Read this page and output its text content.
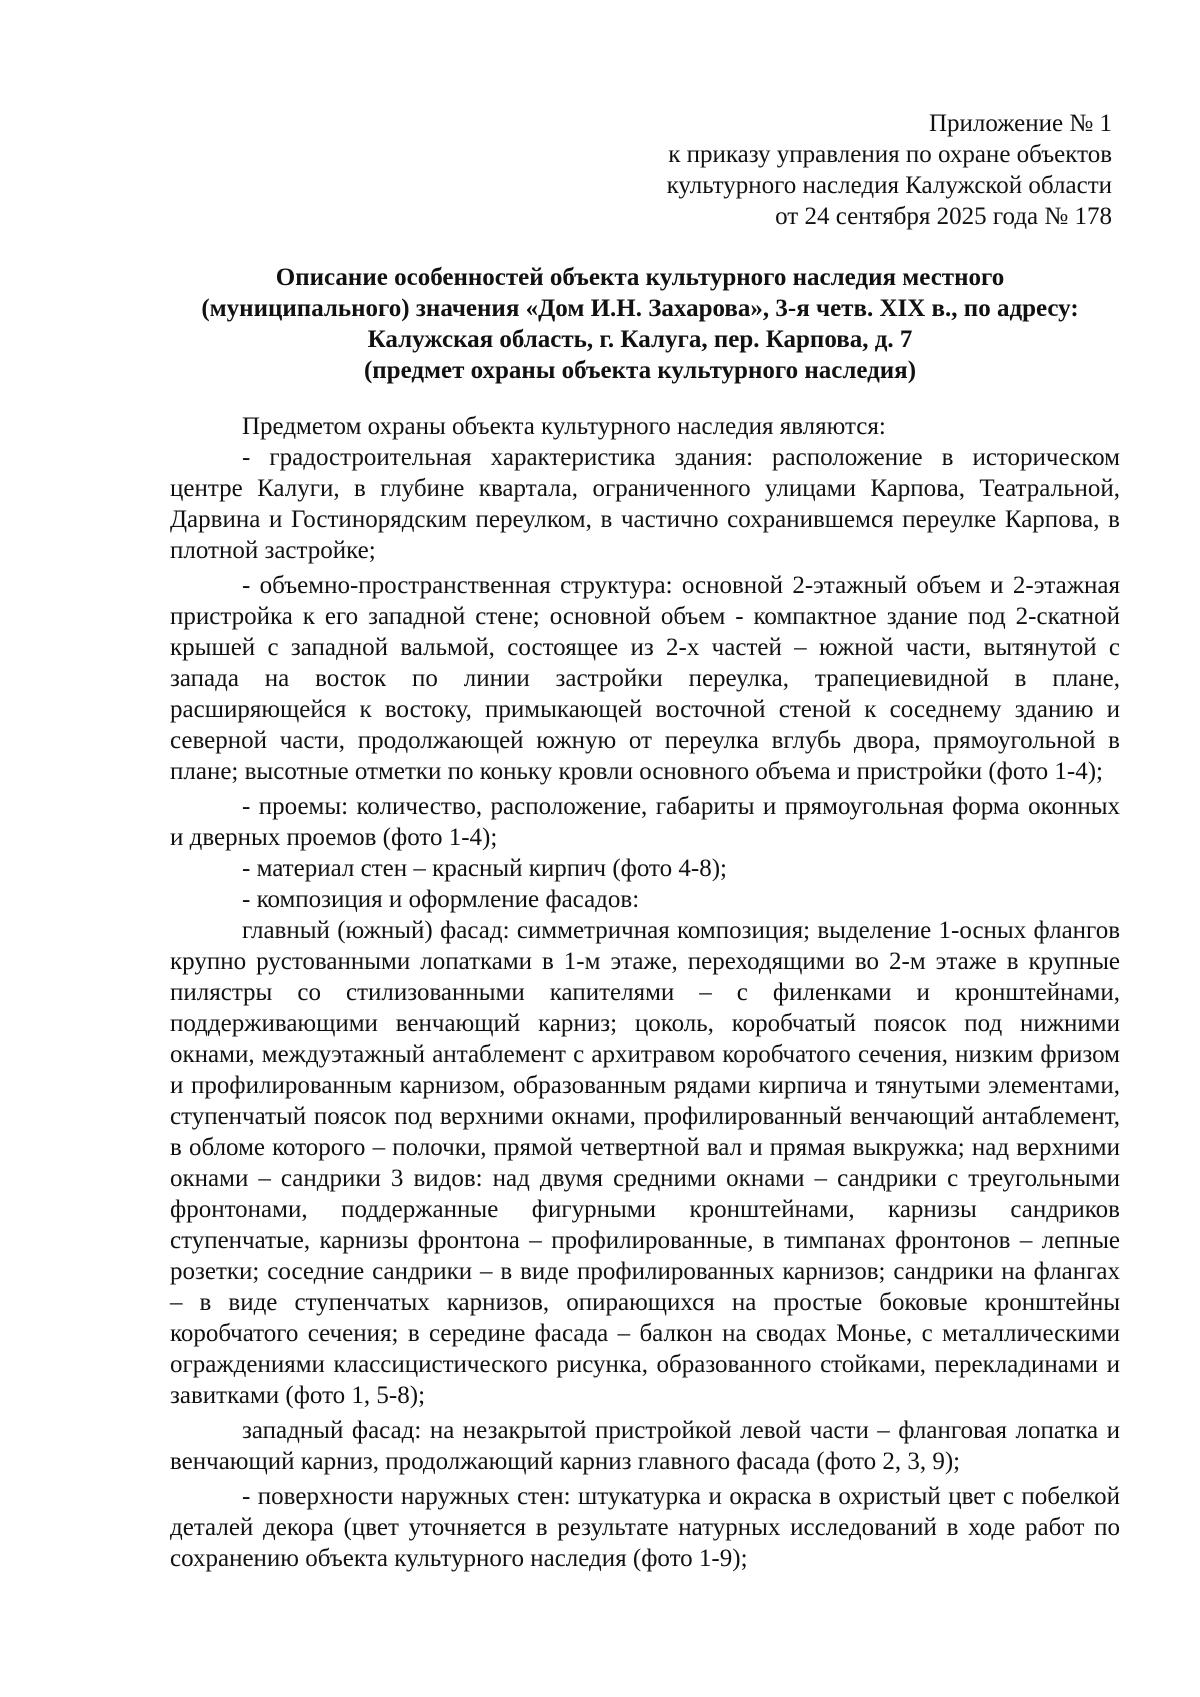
Приложение № 1
к приказу управления по охране объектов
культурного наследия Калужской области
от 24 сентября 2025 года № 178
Описание особенностей объекта культурного наследия местного
(муниципального) значения «Дом И.Н. Захарова», 3-я четв. XIX в., по адресу:
Калужская область, г. Калуга, пер. Карпова, д. 7
(предмет охраны объекта культурного наследия)

Предметом охраны объекта культурного наследия являются:

- градостроительная характеристика здания: расположение в историческом центре Калуги, в глубине квартала, ограниченного улицами Карпова, Театральной, Дарвина и Гостинорядским переулком, в частично сохранившемся переулке Карпова, в плотной застройке;

- объемно-пространственная структура: основной 2-этажный объем и 2-этажная пристройка к его западной стене; основной объем - компактное здание под 2-скатной крышей с западной вальмой, состоящее из 2-х частей – южной части, вытянутой с запада на восток по линии застройки переулка, трапециевидной в плане, расширяющейся к востоку, примыкающей восточной стеной к соседнему зданию и северной части, продолжающей южную от переулка вглубь двора, прямоугольной в плане; высотные отметки по коньку кровли основного объема и пристройки (фото 1-4);

- проемы: количество, расположение, габариты и прямоугольная форма оконных и дверных проемов (фото 1-4);

- материал стен – красный кирпич (фото 4-8);

- композиция и оформление фасадов:

главный (южный) фасад: симметричная композиция; выделение 1-осных флангов крупно рустованными лопатками в 1-м этаже, переходящими во 2-м этаже в крупные пилястры со стилизованными капителями – с филенками и кронштейнами, поддерживающими венчающий карниз; цоколь, коробчатый поясок под нижними окнами, междуэтажный антаблемент с архитравом коробчатого сечения, низким фризом и профилированным карнизом, образованным рядами кирпича и тянутыми элементами, ступенчатый поясок под верхними окнами, профилированный венчающий антаблемент, в обломе которого – полочки, прямой четвертной вал и прямая выкружка; над верхними окнами – сандрики 3 видов: над двумя средними окнами – сандрики с треугольными фронтонами, поддержанные фигурными кронштейнами, карнизы сандриков ступенчатые, карнизы фронтона – профилированные, в тимпанах фронтонов – лепные розетки; соседние сандрики – в виде профилированных карнизов; сандрики на флангах – в виде ступенчатых карнизов, опирающихся на простые боковые кронштейны коробчатого сечения; в середине фасада – балкон на сводах Монье, с металлическими ограждениями классицистического рисунка, образованного стойками, перекладинами и завитками (фото 1, 5-8);

западный фасад: на незакрытой пристройкой левой части – фланговая лопатка и венчающий карниз, продолжающий карниз главного фасада (фото 2, 3, 9);

- поверхности наружных стен: штукатурка и окраска в охристый цвет с побелкой деталей декора (цвет уточняется в результате натурных исследований в ходе работ по сохранению объекта культурного наследия (фото 1-9);
